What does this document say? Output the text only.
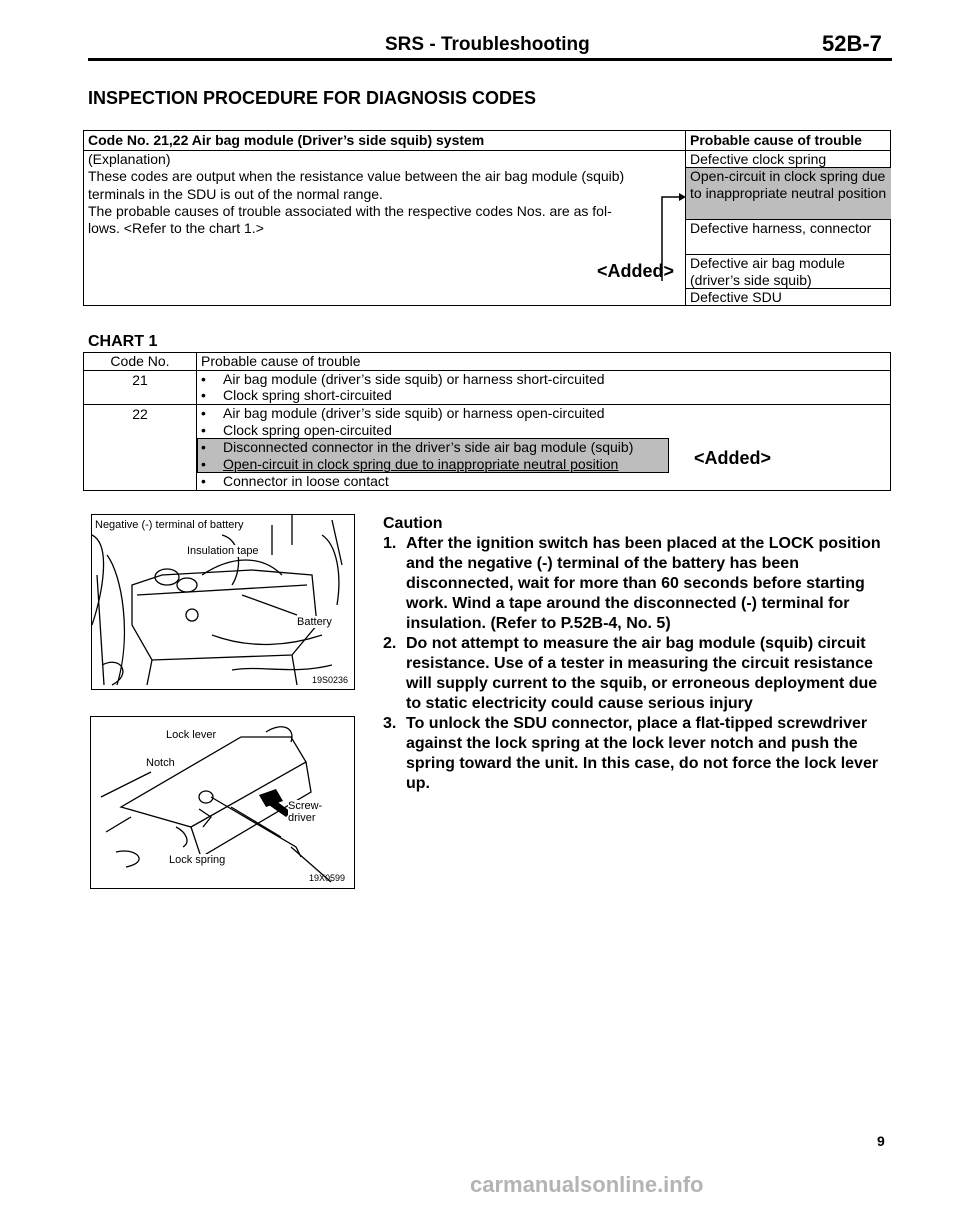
SRS - Troubleshooting	52B-7
INSPECTION PROCEDURE FOR DIAGNOSIS CODES
Code No. 21,22 Air bag module (Driver’s side squib) system	Probable cause of trouble
(Explanation)
These codes are output when the resistance value between the air bag module (squib)
terminals in the SDU is out of the normal range.
The probable causes of trouble associated with the respective codes Nos. are as fol-
lows. <Refer to the chart 1.>
Defective clock spring
Open-circuit in clock spring due to inappropriate neutral position
Defective harness, connector
Defective air bag module (driver’s side squib)
Defective SDU
<Added>
CHART 1
Code No.	Probable cause of trouble
21	• Air bag module (driver’s side squib) or harness short-circuited
• Clock spring short-circuited
22	• Air bag module (driver’s side squib) or harness open-circuited
• Clock spring open-circuited
• Disconnected connector in the driver’s side air bag module (squib)
• Open-circuit in clock spring due to inappropriate neutral position
• Connector in loose contact
<Added>
Negative (-) terminal of battery
Insulation tape
Battery
19S0236
Lock lever
Notch
Screw- driver
Lock spring
19X0599
Caution
1. After the ignition switch has been placed at the LOCK position and the negative (-) terminal of the battery has been disconnected, wait for more than 60 seconds before starting work. Wind a tape around the disconnected (-) terminal for insulation. (Refer to P.52B-4, No. 5)
2. Do not attempt to measure the air bag module (squib) circuit resistance. Use of a tester in measuring the circuit resistance will supply current to the squib, or erroneous deployment due to static electricity could cause serious injury
3. To unlock the SDU connector, place a flat-tipped screwdriver against the lock spring at the lock lever notch and push the spring toward the unit. In this case, do not force the lock lever up.
9
carmanualsonline.info
